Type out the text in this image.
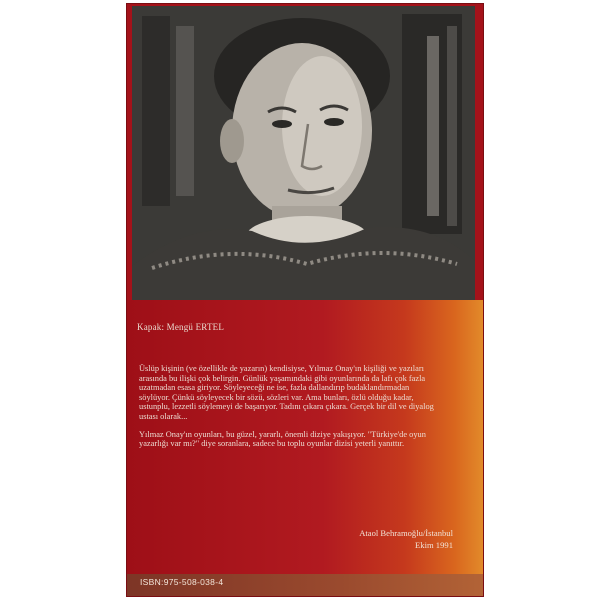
Kapak: Mengü ERTEL

Üslüp kişinin (ve özellikle de yazarın) kendisiyse, Yılmaz Onay'ın kişiliği ve yazıları arasında bu ilişki çok belirgin. Günlük yaşamındaki gibi oyunlarında da lafı çok fazla uzatmadan esasa giriyor. Söyleyeceği ne ise, fazla dallandırıp budaklandırmadan söylüyor. Çünkü söyleyecek bir sözü, sözleri var. Ama bunları, özlü olduğu kadar, ustunplu, lezzetli söylemeyi de başarıyor. Tadını çıkara çıkara. Gerçek bir dil ve diyalog ustası olarak...

Yılmaz Onay'ın oyunları, bu güzel, yararlı, önemli diziye yakışıyor. "Türkiye'de oyun yazarlığı var mı?" diye soranlara, sadece bu toplu oyunlar dizisi yeterli yanıttır.

Ataol Behramoğlu/İstanbul
Ekim 1991
ISBN:975-508-038-4
